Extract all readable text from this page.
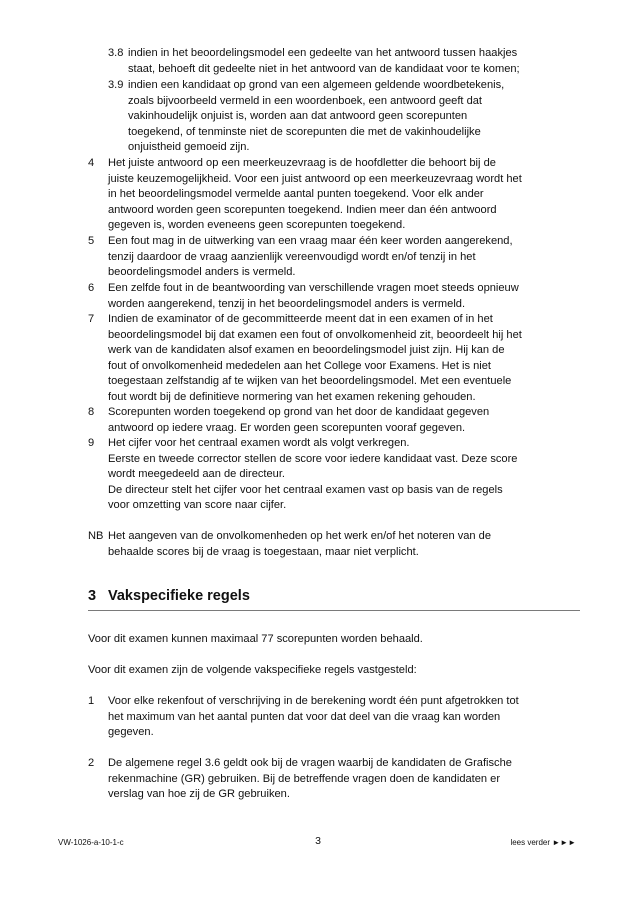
3.8 indien in het beoordelingsmodel een gedeelte van het antwoord tussen haakjes
staat, behoeft dit gedeelte niet in het antwoord van de kandidaat voor te komen;
3.9 indien een kandidaat op grond van een algemeen geldende woordbetekenis,
zoals bijvoorbeeld vermeld in een woordenboek, een antwoord geeft dat
vakinhoudelijk onjuist is, worden aan dat antwoord geen scorepunten
toegekend, of tenminste niet de scorepunten die met de vakinhoudelijke
onjuistheid gemoeid zijn.
4 Het juiste antwoord op een meerkeuzevraag is de hoofdletter die behoort bij de
juiste keuzemogelijkheid. Voor een juist antwoord op een meerkeuzevraag wordt het
in het beoordelingsmodel vermelde aantal punten toegekend. Voor elk ander
antwoord worden geen scorepunten toegekend. Indien meer dan één antwoord
gegeven is, worden eveneens geen scorepunten toegekend.
5 Een fout mag in de uitwerking van een vraag maar één keer worden aangerekend,
tenzij daardoor de vraag aanzienlijk vereenvoudigd wordt en/of tenzij in het
beoordelingsmodel anders is vermeld.
6 Een zelfde fout in de beantwoording van verschillende vragen moet steeds opnieuw
worden aangerekend, tenzij in het beoordelingsmodel anders is vermeld.
7 Indien de examinator of de gecommitteerde meent dat in een examen of in het
beoordelingsmodel bij dat examen een fout of onvolkomenheid zit, beoordeelt hij het
werk van de kandidaten alsof examen en beoordelingsmodel juist zijn. Hij kan de
fout of onvolkomenheid mededelen aan het College voor Examens. Het is niet
toegestaan zelfstandig af te wijken van het beoordelingsmodel. Met een eventuele
fout wordt bij de definitieve normering van het examen rekening gehouden.
8 Scorepunten worden toegekend op grond van het door de kandidaat gegeven
antwoord op iedere vraag. Er worden geen scorepunten vooraf gegeven.
9 Het cijfer voor het centraal examen wordt als volgt verkregen.
Eerste en tweede corrector stellen de score voor iedere kandidaat vast. Deze score
wordt meegedeeld aan de directeur.
De directeur stelt het cijfer voor het centraal examen vast op basis van de regels
voor omzetting van score naar cijfer.
NB Het aangeven van de onvolkomenheden op het werk en/of het noteren van de
behaalde scores bij de vraag is toegestaan, maar niet verplicht.
3 Vakspecifieke regels
Voor dit examen kunnen maximaal 77 scorepunten worden behaald.
Voor dit examen zijn de volgende vakspecifieke regels vastgesteld:
1 Voor elke rekenfout of verschrijving in de berekening wordt één punt afgetrokken tot
het maximum van het aantal punten dat voor dat deel van die vraag kan worden
gegeven.
2 De algemene regel 3.6 geldt ook bij de vragen waarbij de kandidaten de Grafische
rekenmachine (GR) gebruiken. Bij de betreffende vragen doen de kandidaten er
verslag van hoe zij de GR gebruiken.
VW-1026-a-10-1-c	3	lees verder ►►►
